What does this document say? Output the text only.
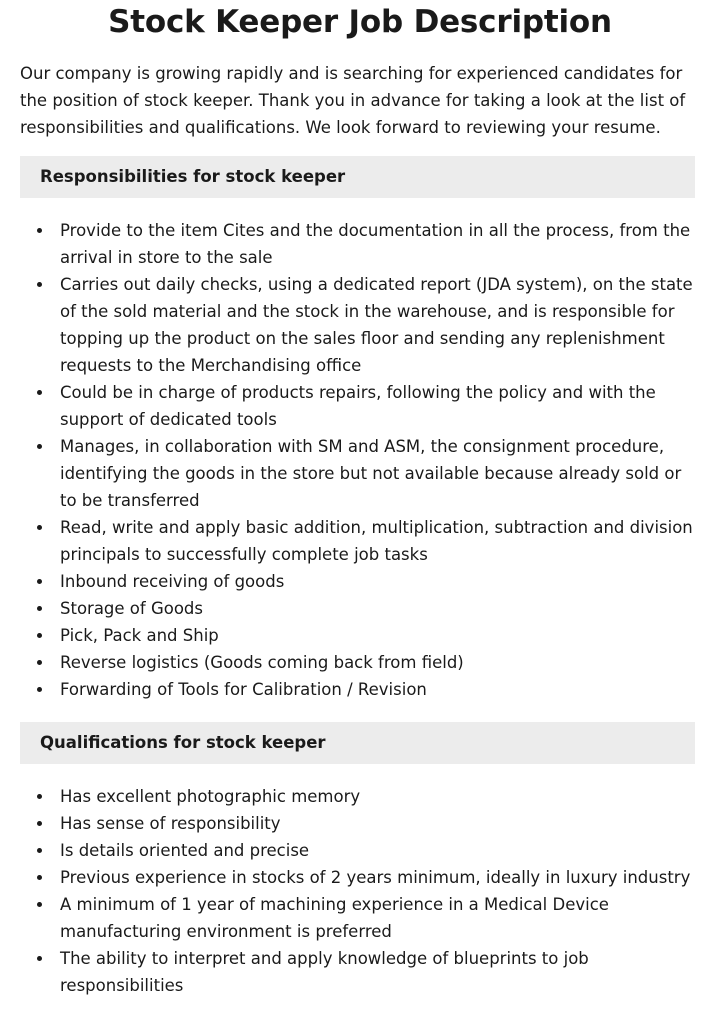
Stock Keeper Job Description

Our company is growing rapidly and is searching for experienced candidates for the position of stock keeper. Thank you in advance for taking a look at the list of responsibilities and qualifications. We look forward to reviewing your resume.

Responsibilities for stock keeper
Provide to the item Cites and the documentation in all the process, from the arrival in store to the sale
Carries out daily checks, using a dedicated report (JDA system), on the state of the sold material and the stock in the warehouse, and is responsible for topping up the product on the sales floor and sending any replenishment requests to the Merchandising office
Could be in charge of products repairs, following the policy and with the support of dedicated tools
Manages, in collaboration with SM and ASM, the consignment procedure, identifying the goods in the store but not available because already sold or to be transferred
Read, write and apply basic addition, multiplication, subtraction and division principals to successfully complete job tasks
Inbound receiving of goods
Storage of Goods
Pick, Pack and Ship
Reverse logistics (Goods coming back from field)
Forwarding of Tools for Calibration / Revision
Qualifications for stock keeper
Has excellent photographic memory
Has sense of responsibility
Is details oriented and precise
Previous experience in stocks of 2 years minimum, ideally in luxury industry
A minimum of 1 year of machining experience in a Medical Device manufacturing environment is preferred
The ability to interpret and apply knowledge of blueprints to job responsibilities
